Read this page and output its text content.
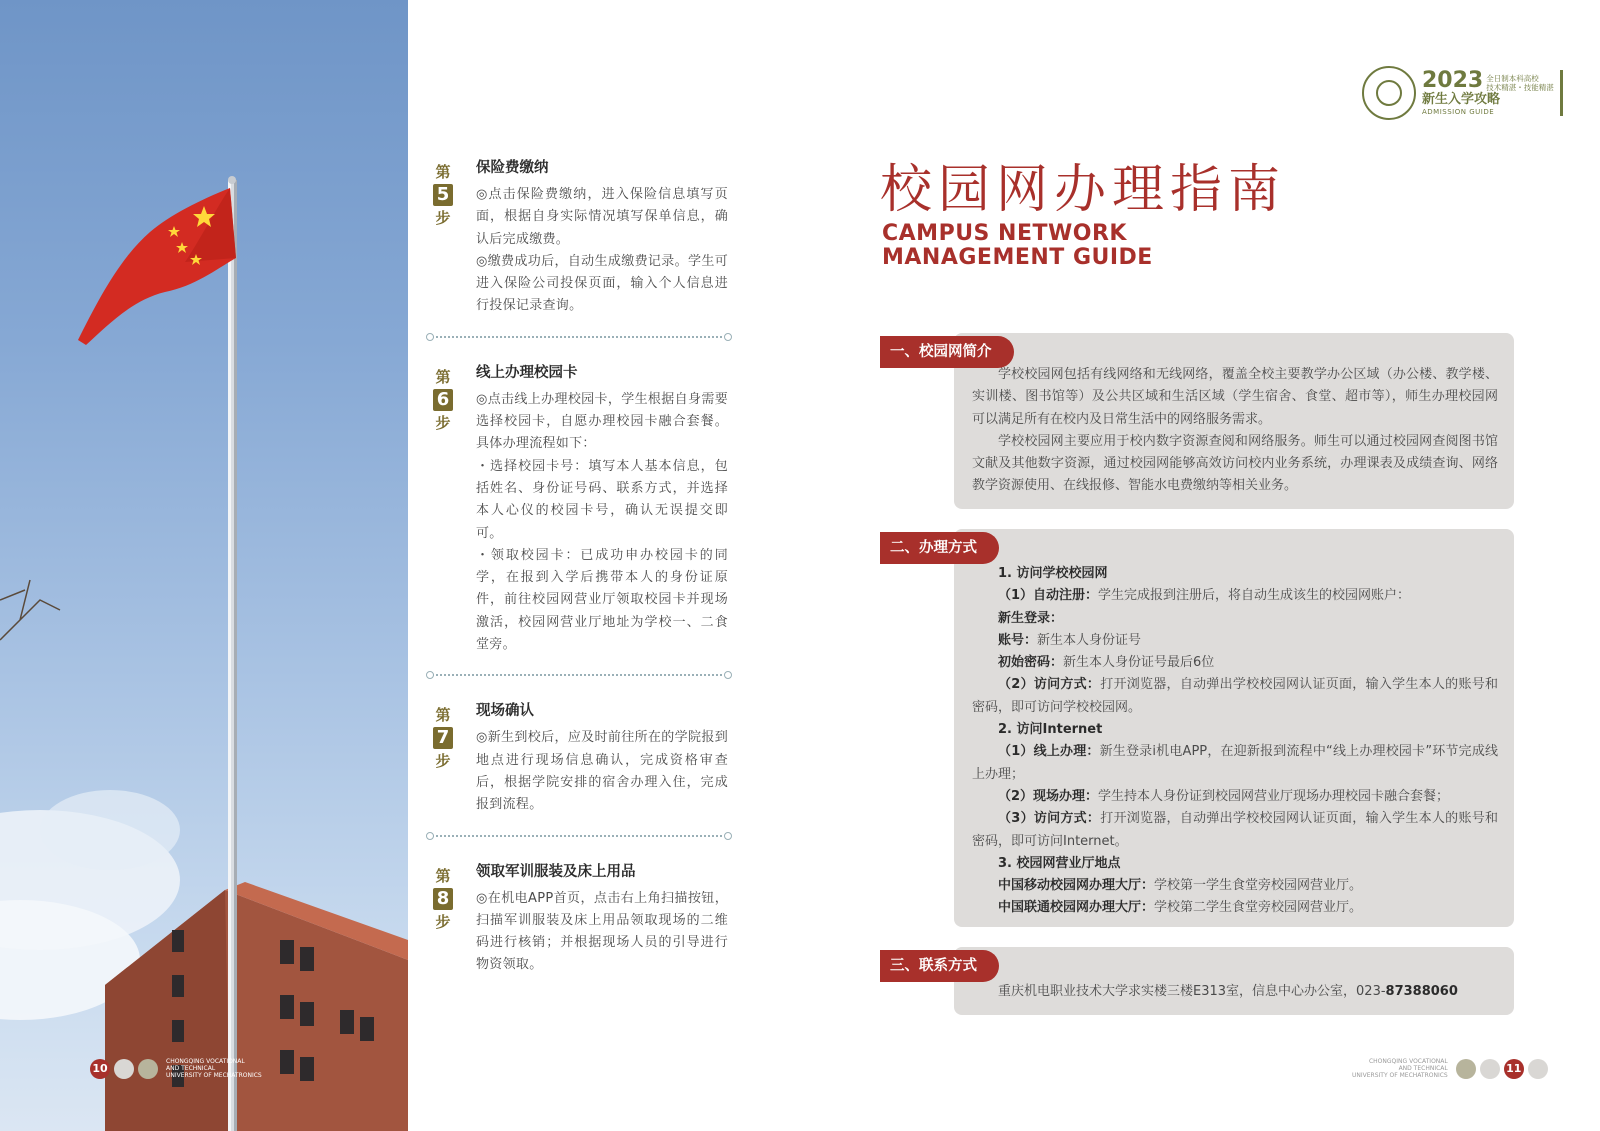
10	CHONGQING VOCATIONAL
AND TECHNICAL
UNIVERSITY OF MECHATRONICS
第
5
步
保险费缴纳

◎点击保险费缴纳，进入保险信息填写页面，根据自身实际情况填写保单信息，确认后完成缴费。

◎缴费成功后，自动生成缴费记录。学生可进入保险公司投保页面，输入个人信息进行投保记录查询。

第
6
步
线上办理校园卡

◎点击线上办理校园卡，学生根据自身需要选择校园卡，自愿办理校园卡融合套餐。具体办理流程如下：

・选择校园卡号：填写本人基本信息，包括姓名、身份证号码、联系方式，并选择本人心仪的校园卡号，确认无误提交即可。

・领取校园卡：已成功申办校园卡的同学，在报到入学后携带本人的身份证原件，前往校园网营业厅领取校园卡并现场激活，校园网营业厅地址为学校一、二食堂旁。

第
7
步
现场确认

◎新生到校后，应及时前往所在的学院报到地点进行现场信息确认，完成资格审查后，根据学院安排的宿舍办理入住，完成报到流程。

第
8
步
领取军训服装及床上用品

◎在机电APP首页，点击右上角扫描按钮，扫描军训服装及床上用品领取现场的二维码进行核销；并根据现场人员的引导进行物资领取。

2023 全日制本科高校
技术精湛・技能精湛
新生入学攻略
ADMISSION GUIDE
校园网办理指南
CAMPUS NETWORK
MANAGEMENT GUIDE

学校校园网包括有线网络和无线网络，覆盖全校主要教学办公区域（办公楼、教学楼、实训楼、图书馆等）及公共区域和生活区域（学生宿舍、食堂、超市等），师生办理校园网可以满足所有在校内及日常生活中的网络服务需求。

学校校园网主要应用于校内数字资源查阅和网络服务。师生可以通过校园网查阅图书馆文献及其他数字资源，通过校园网能够高效访问校内业务系统，办理课表及成绩查询、网络教学资源使用、在线报修、智能水电费缴纳等相关业务。

一、校园网简介

1. 访问学校校园网

（1）自动注册：学生完成报到注册后，将自动生成该生的校园网账户：

新生登录：

账号：新生本人身份证号

初始密码：新生本人身份证号最后6位

（2）访问方式：打开浏览器，自动弹出学校校园网认证页面，输入学生本人的账号和密码，即可访问学校校园网。

2. 访问Internet

（1）线上办理：新生登录i机电APP，在迎新报到流程中“线上办理校园卡”环节完成线上办理；

（2）现场办理：学生持本人身份证到校园网营业厅现场办理校园卡融合套餐；

（3）访问方式：打开浏览器，自动弹出学校校园网认证页面，输入学生本人的账号和密码，即可访问Internet。

3. 校园网营业厅地点

中国移动校园网办理大厅：学校第一学生食堂旁校园网营业厅。

中国联通校园网办理大厅：学校第二学生食堂旁校园网营业厅。

二、办理方式

重庆机电职业技术大学求实楼三楼E313室，信息中心办公室，023-87388060

三、联系方式
CHONGQING VOCATIONAL
AND TECHNICAL
UNIVERSITY OF MECHATRONICS
11
